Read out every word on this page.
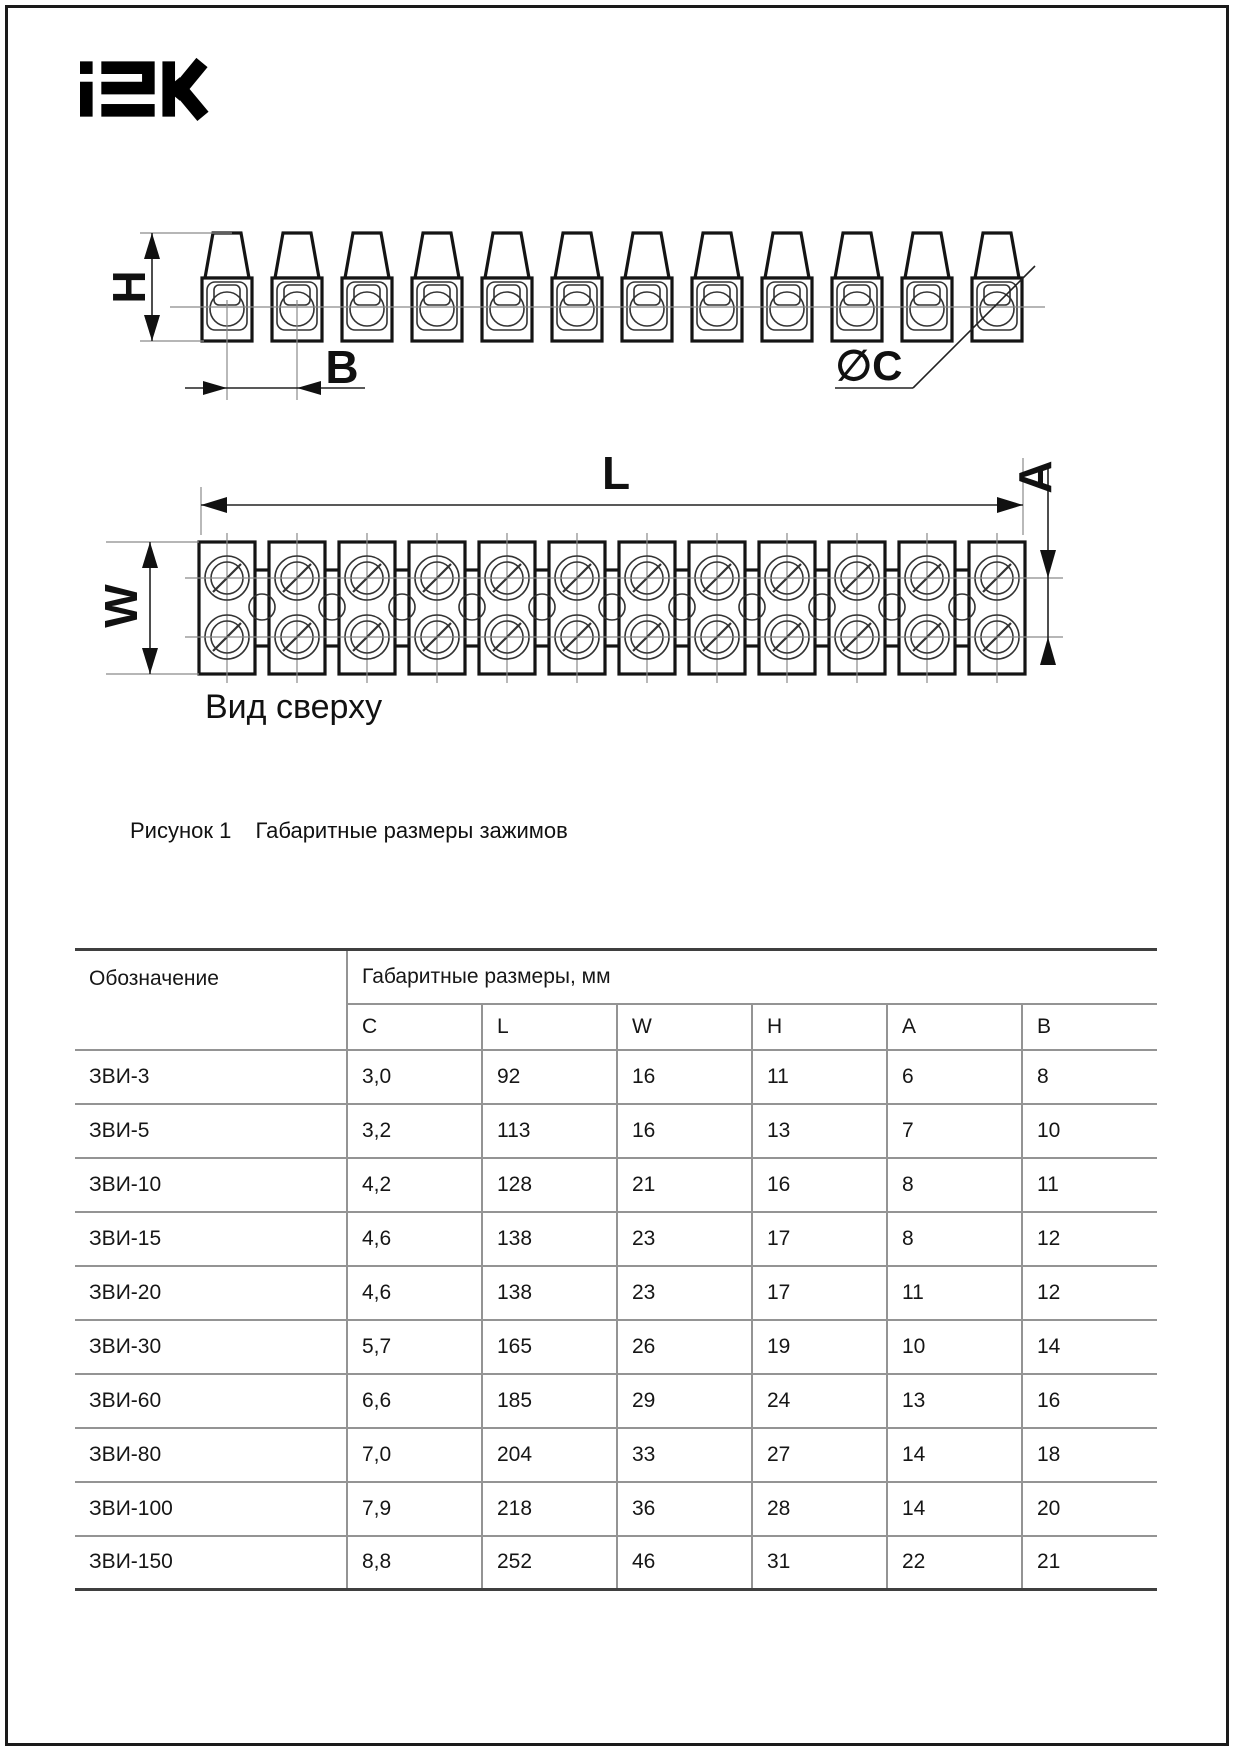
H
B	∅C
L
W
A
Вид сверху
Рисунок 1 Габаритные размеры зажимов
Обозначение	Габаритные размеры, мм					
	C	L	W	H	A	B
ЗВИ-3	3,0	92	16	11	6	8
ЗВИ-5	3,2	113	16	13	7	10
ЗВИ-10	4,2	128	21	16	8	11
ЗВИ-15	4,6	138	23	17	8	12
ЗВИ-20	4,6	138	23	17	11	12
ЗВИ-30	5,7	165	26	19	10	14
ЗВИ-60	6,6	185	29	24	13	16
ЗВИ-80	7,0	204	33	27	14	18
ЗВИ-100	7,9	218	36	28	14	20
ЗВИ-150	8,8	252	46	31	22	21
